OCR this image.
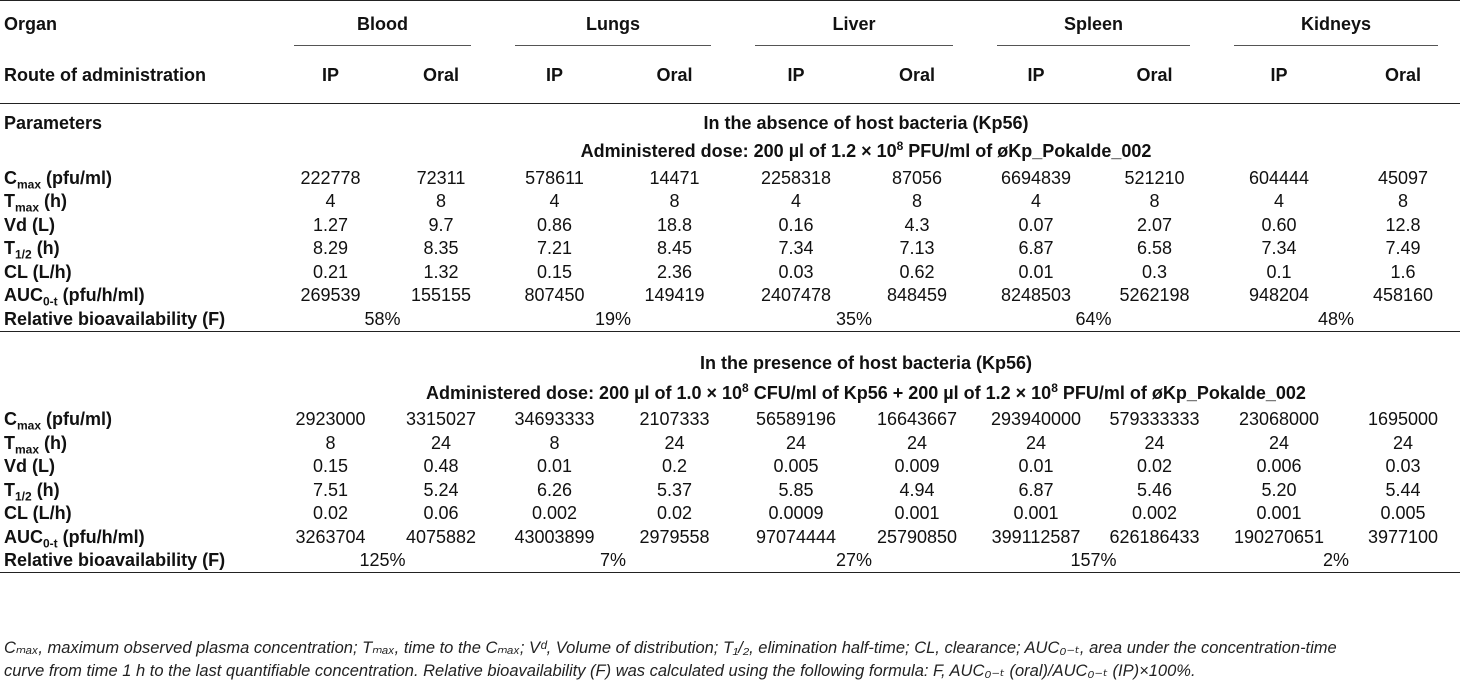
Organ	Blood		Lungs		Liver		Spleen		Kidneys	

Route of administration	IP	Oral	IP	Oral	IP	Oral	IP	Oral	IP	Oral
Parameters	In the absence of host bacteria (Kp56)									
	Administered dose: 200 µl of $1.2 \times 10^8$ PFU/ml of øKp_Pokalde_002									
$C_{max}$ (pfu/ml)	222778	72311	578611	14471	2258318	87056	6694839	521210	604444	45097
$T_{max}$ (h)	4	8	4	8	4	8	4	8	4	8
Vd (L)	1.27	9.7	0.86	18.8	0.16	4.3	0.07	2.07	0.60	12.8
$T_{1/2}$ (h)	8.29	8.35	7.21	8.45	7.34	7.13	6.87	6.58	7.34	7.49
CL (L/h)	0.21	1.32	0.15	2.36	0.03	0.62	0.01	0.3	0.1	1.6
$AUC_{0-t}$ (pfu/h/ml)	269539	155155	807450	149419	2407478	848459	8248503	5262198	948204	458160
Relative bioavailability (F)	58%		19%		35%		64%		48%	

	In the presence of host bacteria (Kp56)									
	Administered dose: 200 µl of $1.0 \times 10^8$ CFU/ml of Kp56 + 200 µl of $1.2 \times 10^8$ PFU/ml of øKp_Pokalde_002									
$C_{max}$ (pfu/ml)	2923000	3315027	34693333	2107333	56589196	16643667	293940000	579333333	23068000	1695000
$T_{max}$ (h)	8	24	8	24	24	24	24	24	24	24
Vd (L)	0.15	0.48	0.01	0.2	0.005	0.009	0.01	0.02	0.006	0.03
$T_{1/2}$ (h)	7.51	5.24	6.26	5.37	5.85	4.94	6.87	5.46	5.20	5.44
CL (L/h)	0.02	0.06	0.002	0.02	0.0009	0.001	0.001	0.002	0.001	0.005
$AUC_{0-t}$ (pfu/h/ml)	3263704	4075882	43003899	2979558	97074444	25790850	399112587	626186433	190270651	3977100
Relative bioavailability (F)	125%		7%		27%		157%		2%	

Cₘₐₓ, maximum observed plasma concentration; Tₘₐₓ, time to the Cₘₐₓ; Vᵈ, Volume of distribution; T₁/₂, elimination half-time; CL, clearance; AUC₀₋ₜ, area under the concentration-time

curve from time 1 h to the last quantifiable concentration. Relative bioavailability (F) was calculated using the following formula: F, AUC₀₋ₜ (oral)/AUC₀₋ₜ (IP)×100%.
